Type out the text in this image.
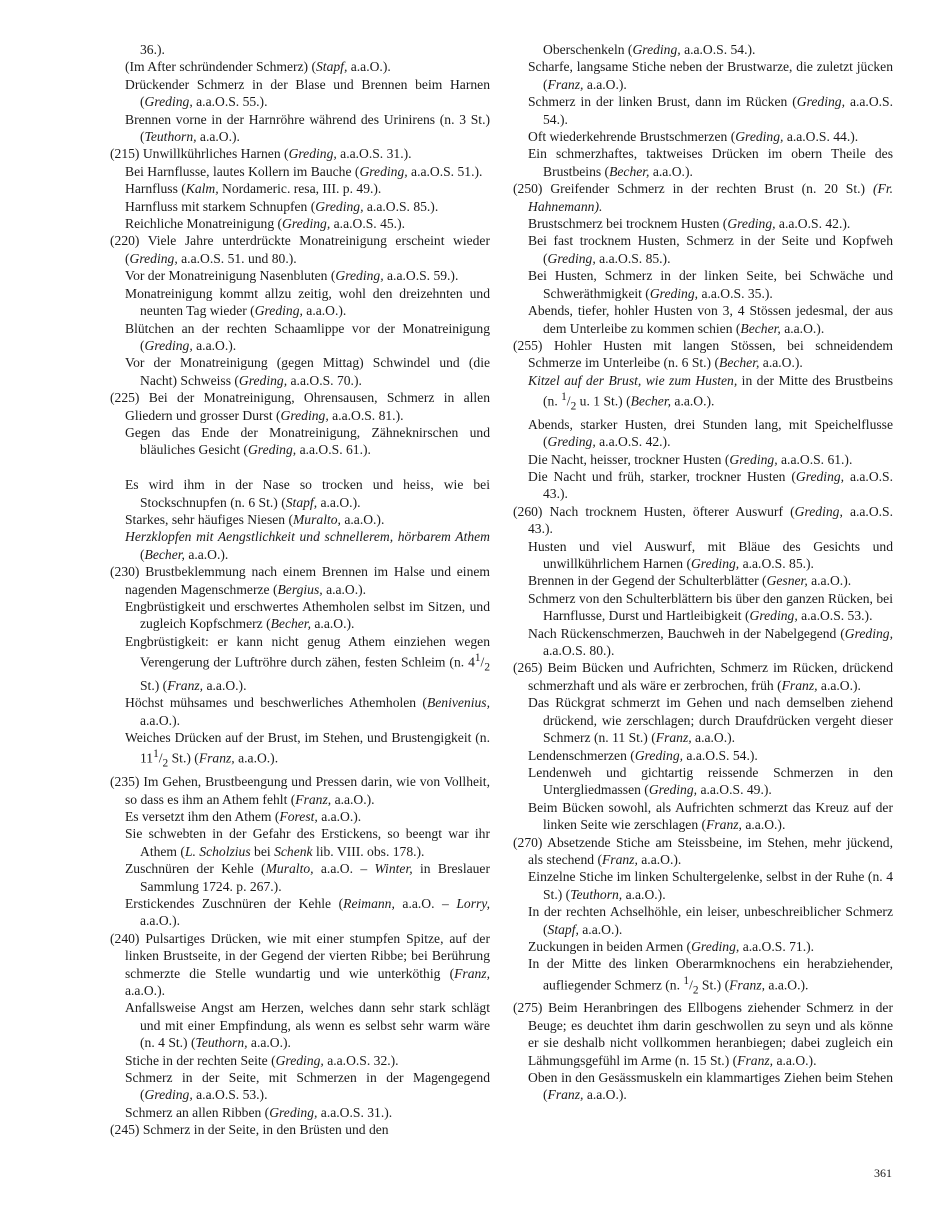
36.).

(Im After schründender Schmerz) (Stapf, a.a.O.).

Drückender Schmerz in der Blase und Brennen beim Harnen (Greding, a.a.O.S. 55.).

Brennen vorne in der Harnröhre während des Urinirens (n. 3 St.) (Teuthorn, a.a.O.).

(215) Unwillkührliches Harnen (Greding, a.a.O.S. 31.).

Bei Harnflusse, lautes Kollern im Bauche (Greding, a.a.O.S. 51.).

Harnfluss (Kalm, Nordameric. resa, III. p. 49.).

Harnfluss mit starkem Schnupfen (Greding, a.a.O.S. 85.).

Reichliche Monatreinigung (Greding, a.a.O.S. 45.).

(220) Viele Jahre unterdrückte Monatreinigung erscheint wieder (Greding, a.a.O.S. 51. und 80.).

Vor der Monatreinigung Nasenbluten (Greding, a.a.O.S. 59.).

Monatreinigung kommt allzu zeitig, wohl den dreizehnten und neunten Tag wieder (Greding, a.a.O.).

Blütchen an der rechten Schaamlippe vor der Monatreinigung (Greding, a.a.O.).

Vor der Monatreinigung (gegen Mittag) Schwindel und (die Nacht) Schweiss (Greding, a.a.O.S. 70.).

(225) Bei der Monatreinigung, Ohrensausen, Schmerz in allen Gliedern und grosser Durst (Greding, a.a.O.S. 81.).

Gegen das Ende der Monatreinigung, Zähneknirschen und bläuliches Gesicht (Greding, a.a.O.S. 61.).

Es wird ihm in der Nase so trocken und heiss, wie bei Stockschnupfen (n. 6 St.) (Stapf, a.a.O.).

Starkes, sehr häufiges Niesen (Muralto, a.a.O.).

Herzklopfen mit Aengstlichkeit und schnellerem, hörbarem Athem (Becher, a.a.O.).

(230) Brustbeklemmung nach einem Brennen im Halse und einem nagenden Magenschmerze (Bergius, a.a.O.).

Engbrüstigkeit und erschwertes Athemholen selbst im Sitzen, und zugleich Kopfschmerz (Becher, a.a.O.).

Engbrüstigkeit: er kann nicht genug Athem einziehen wegen Verengerung der Luftröhre durch zähen, festen Schleim (n. $4^1/_2$ St.) (Franz, a.a.O.).

Höchst mühsames und beschwerliches Athemholen (Benivenius, a.a.O.).

Weiches Drücken auf der Brust, im Stehen, und Brustengigkeit (n. $11^1/_2$ St.) (Franz, a.a.O.).

(235) Im Gehen, Brustbeengung und Pressen darin, wie von Vollheit, so dass es ihm an Athem fehlt (Franz, a.a.O.).

Es versetzt ihm den Athem (Forest, a.a.O.).

Sie schwebten in der Gefahr des Erstickens, so beengt war ihr Athem (L. Scholzius bei Schenk lib. VIII. obs. 178.).

Zuschnüren der Kehle (Muralto, a.a.O. – Winter, in Breslauer Sammlung 1724. p. 267.).

Erstickendes Zuschnüren der Kehle (Reimann, a.a.O. – Lorry, a.a.O.).

(240) Pulsartiges Drücken, wie mit einer stumpfen Spitze, auf der linken Brustseite, in der Gegend der vierten Ribbe; bei Berührung schmerzte die Stelle wundartig und wie unterköthig (Franz, a.a.O.).

Anfallsweise Angst am Herzen, welches dann sehr stark schlägt und mit einer Empfindung, als wenn es selbst sehr warm wäre (n. 4 St.) (Teuthorn, a.a.O.).

Stiche in der rechten Seite (Greding, a.a.O.S. 32.).

Schmerz in der Seite, mit Schmerzen in der Magengegend (Greding, a.a.O.S. 53.).

Schmerz an allen Ribben (Greding, a.a.O.S. 31.).

(245) Schmerz in der Seite, in den Brüsten und den

Oberschenkeln (Greding, a.a.O.S. 54.).

Scharfe, langsame Stiche neben der Brustwarze, die zuletzt jücken (Franz, a.a.O.).

Schmerz in der linken Brust, dann im Rücken (Greding, a.a.O.S. 54.).

Oft wiederkehrende Brustschmerzen (Greding, a.a.O.S. 44.).

Ein schmerzhaftes, taktweises Drücken im obern Theile des Brustbeins (Becher, a.a.O.).

(250) Greifender Schmerz in der rechten Brust (n. 20 St.) (Fr. Hahnemann).

Brustschmerz bei trocknem Husten (Greding, a.a.O.S. 42.).

Bei fast trocknem Husten, Schmerz in der Seite und Kopfweh (Greding, a.a.O.S. 85.).

Bei Husten, Schmerz in der linken Seite, bei Schwäche und Schweräthmigkeit (Greding, a.a.O.S. 35.).

Abends, tiefer, hohler Husten von 3, 4 Stössen jedesmal, der aus dem Unterleibe zu kommen schien (Becher, a.a.O.).

(255) Hohler Husten mit langen Stössen, bei schneidendem Schmerze im Unterleibe (n. 6 St.) (Becher, a.a.O.).

Kitzel auf der Brust, wie zum Husten, in der Mitte des Brustbeins (n. $^1/_2$ u. 1 St.) (Becher, a.a.O.).

Abends, starker Husten, drei Stunden lang, mit Speichelflusse (Greding, a.a.O.S. 42.).

Die Nacht, heisser, trockner Husten (Greding, a.a.O.S. 61.).

Die Nacht und früh, starker, trockner Husten (Greding, a.a.O.S. 43.).

(260) Nach trocknem Husten, öfterer Auswurf (Greding, a.a.O.S. 43.).

Husten und viel Auswurf, mit Bläue des Gesichts und unwillkührlichem Harnen (Greding, a.a.O.S. 85.).

Brennen in der Gegend der Schulterblätter (Gesner, a.a.O.).

Schmerz von den Schulterblättern bis über den ganzen Rücken, bei Harnflusse, Durst und Hartleibigkeit (Greding, a.a.O.S. 53.).

Nach Rückenschmerzen, Bauchweh in der Nabelgegend (Greding, a.a.O.S. 80.).

(265) Beim Bücken und Aufrichten, Schmerz im Rücken, drückend schmerzhaft und als wäre er zerbrochen, früh (Franz, a.a.O.).

Das Rückgrat schmerzt im Gehen und nach demselben ziehend drückend, wie zerschlagen; durch Draufdrücken vergeht dieser Schmerz (n. 11 St.) (Franz, a.a.O.).

Lendenschmerzen (Greding, a.a.O.S. 54.).

Lendenweh und gichtartig reissende Schmerzen in den Untergliedmassen (Greding, a.a.O.S. 49.).

Beim Bücken sowohl, als Aufrichten schmerzt das Kreuz auf der linken Seite wie zerschlagen (Franz, a.a.O.).

(270) Absetzende Stiche am Steissbeine, im Stehen, mehr jückend, als stechend (Franz, a.a.O.).

Einzelne Stiche im linken Schultergelenke, selbst in der Ruhe (n. 4 St.) (Teuthorn, a.a.O.).

In der rechten Achselhöhle, ein leiser, unbeschreiblicher Schmerz (Stapf, a.a.O.).

Zuckungen in beiden Armen (Greding, a.a.O.S. 71.).

In der Mitte des linken Oberarmknochens ein herabziehender, aufliegender Schmerz (n. $^1/_2$ St.) (Franz, a.a.O.).

(275) Beim Heranbringen des Ellbogens ziehender Schmerz in der Beuge; es deuchtet ihm darin geschwollen zu seyn und als könne er sie deshalb nicht vollkommen heranbiegen; dabei zugleich ein Lähmungsgefühl im Arme (n. 15 St.) (Franz, a.a.O.).

Oben in den Gesässmuskeln ein klammartiges Ziehen beim Stehen (Franz, a.a.O.).

361
